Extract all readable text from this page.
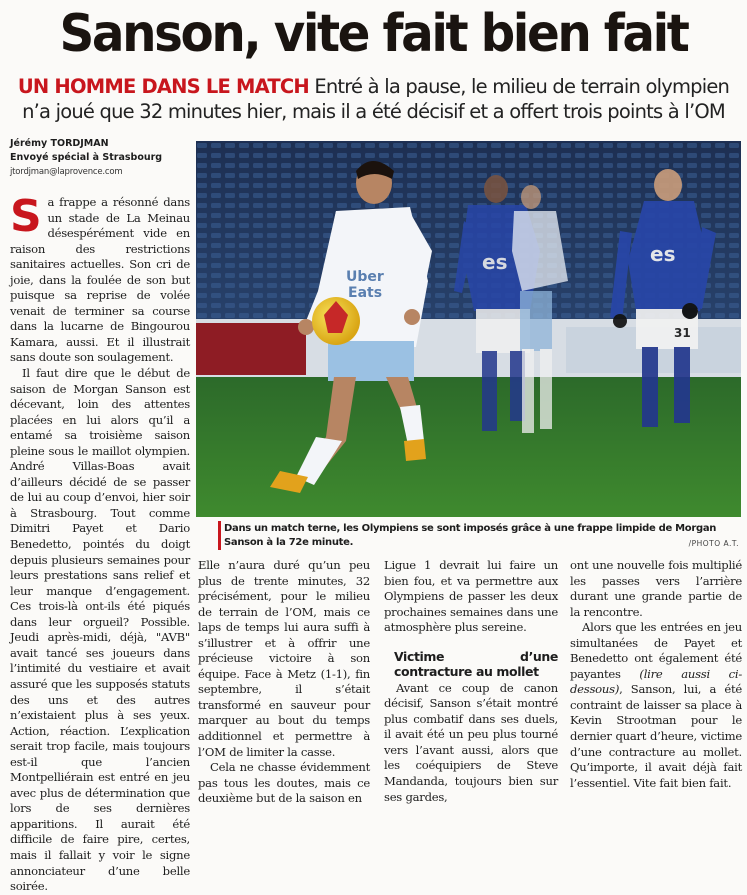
Sanson, vite fait bien fait
UN HOMME DANS LE MATCH Entré à la pause, le milieu de terrain olympien n’a joué que 32 minutes hier, mais il a été décisif et a offert trois points à l’OM
Jérémy TORDJMAN
Envoyé spécial à Strasbourg
jtordjman@laprovence.com
es
31
es
Uber
Eats
Dans un match terne, les Olympiens se sont imposés grâce à une frappe limpide de Morgan Sanson à la 72e minute.	/PHOTO A.T.

Sa frappe a résonné dans un stade de La Meinau désespérément vide en raison des restrictions sanitaires actuelles. Son cri de joie, dans la foulée de son but puisque sa reprise de volée venait de terminer sa course dans la lucarne de Bingourou Kamara, aussi. Et il illustrait sans doute son soulagement.

Il faut dire que le début de saison de Morgan Sanson est décevant, loin des attentes placées en lui alors qu’il a entamé sa troisième saison pleine sous le maillot olympien. André Villas-Boas avait d’ailleurs décidé de se passer de lui au coup d’envoi, hier soir à Strasbourg. Tout comme Dimitri Payet et Dario Benedetto, pointés du doigt depuis plusieurs semaines pour leurs prestations sans relief et leur manque d’engagement. Ces trois-là ont-ils été piqués dans leur orgueil? Possible. Jeudi après-midi, déjà, "AVB" avait tancé ses joueurs dans l’intimité du vestiaire et avait assuré que les supposés statuts des uns et des autres n’existaient plus à ses yeux. Action, réaction. L’explication serait trop facile, mais toujours est-il que l’ancien Montpelliérain est entré en jeu avec plus de détermination que lors de ses dernières apparitions. Il aurait été difficile de faire pire, certes, mais il fallait y voir le signe annonciateur d’une belle soirée.

Elle n’aura duré qu’un peu plus de trente minutes, 32 précisément, pour le milieu de terrain de l’OM, mais ce laps de temps lui aura suffi à s’illustrer et à offrir une précieuse victoire à son équipe. Face à Metz (1-1), fin septembre, il s’était transformé en sauveur pour marquer au bout du temps additionnel et permettre à l’OM de limiter la casse.

Cela ne chasse évidemment pas tous les doutes, mais ce deuxième but de la saison en

Ligue 1 devrait lui faire un bien fou, et va permettre aux Olympiens de passer les deux prochaines semaines dans une atmosphère plus sereine.

Victime d’une contracture au mollet

Avant ce coup de canon décisif, Sanson s’était montré plus combatif dans ses duels, il avait été un peu plus tourné vers l’avant aussi, alors que les coéquipiers de Steve Mandanda, toujours bien sur ses gardes,

ont une nouvelle fois multiplié les passes vers l’arrière durant une grande partie de la rencontre.

Alors que les entrées en jeu simultanées de Payet et Benedetto ont également été payantes (lire aussi ci-dessous), Sanson, lui, a été contraint de laisser sa place à Kevin Strootman pour le dernier quart d’heure, victime d’une contracture au mollet. Qu’importe, il avait déjà fait l’essentiel. Vite fait bien fait.
